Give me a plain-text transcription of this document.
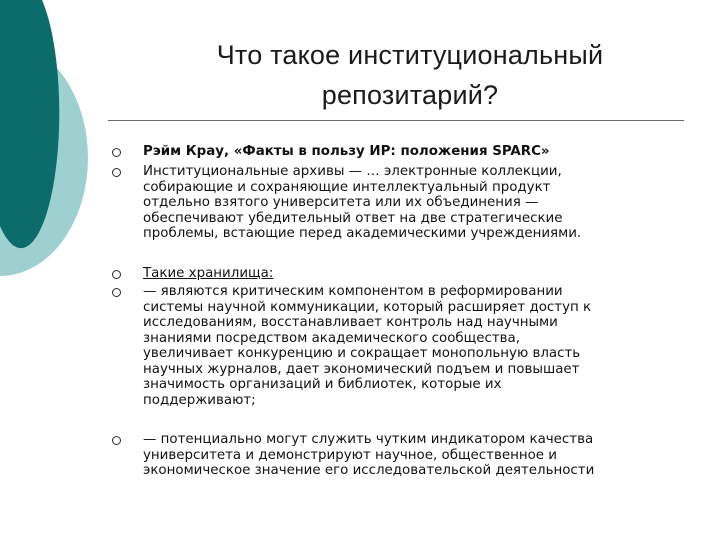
Что такое институциональный
репозитарий?
Рэйм Крау, «Факты в пользу ИР: положения SPARC»
Институциональные архивы — … электронные коллекции,
собирающие и сохраняющие интеллектуальный продукт
отдельно взятого университета или их объединения —
обеспечивают убедительный ответ на две стратегические
проблемы, встающие перед академическими учреждениями.
Такие хранилища:
— являются критическим компонентом в реформировании
системы научной коммуникации, который расширяет доступ к
исследованиям, восстанавливает контроль над научными
знаниями посредством академического сообщества,
увеличивает конкуренцию и сокращает монопольную власть
научных журналов, дает экономический подъем и повышает
значимость организаций и библиотек, которые их
поддерживают;
— потенциально могут служить чутким индикатором качества
университета и демонстрируют научное, общественное и
экономическое значение его исследовательской деятельности
